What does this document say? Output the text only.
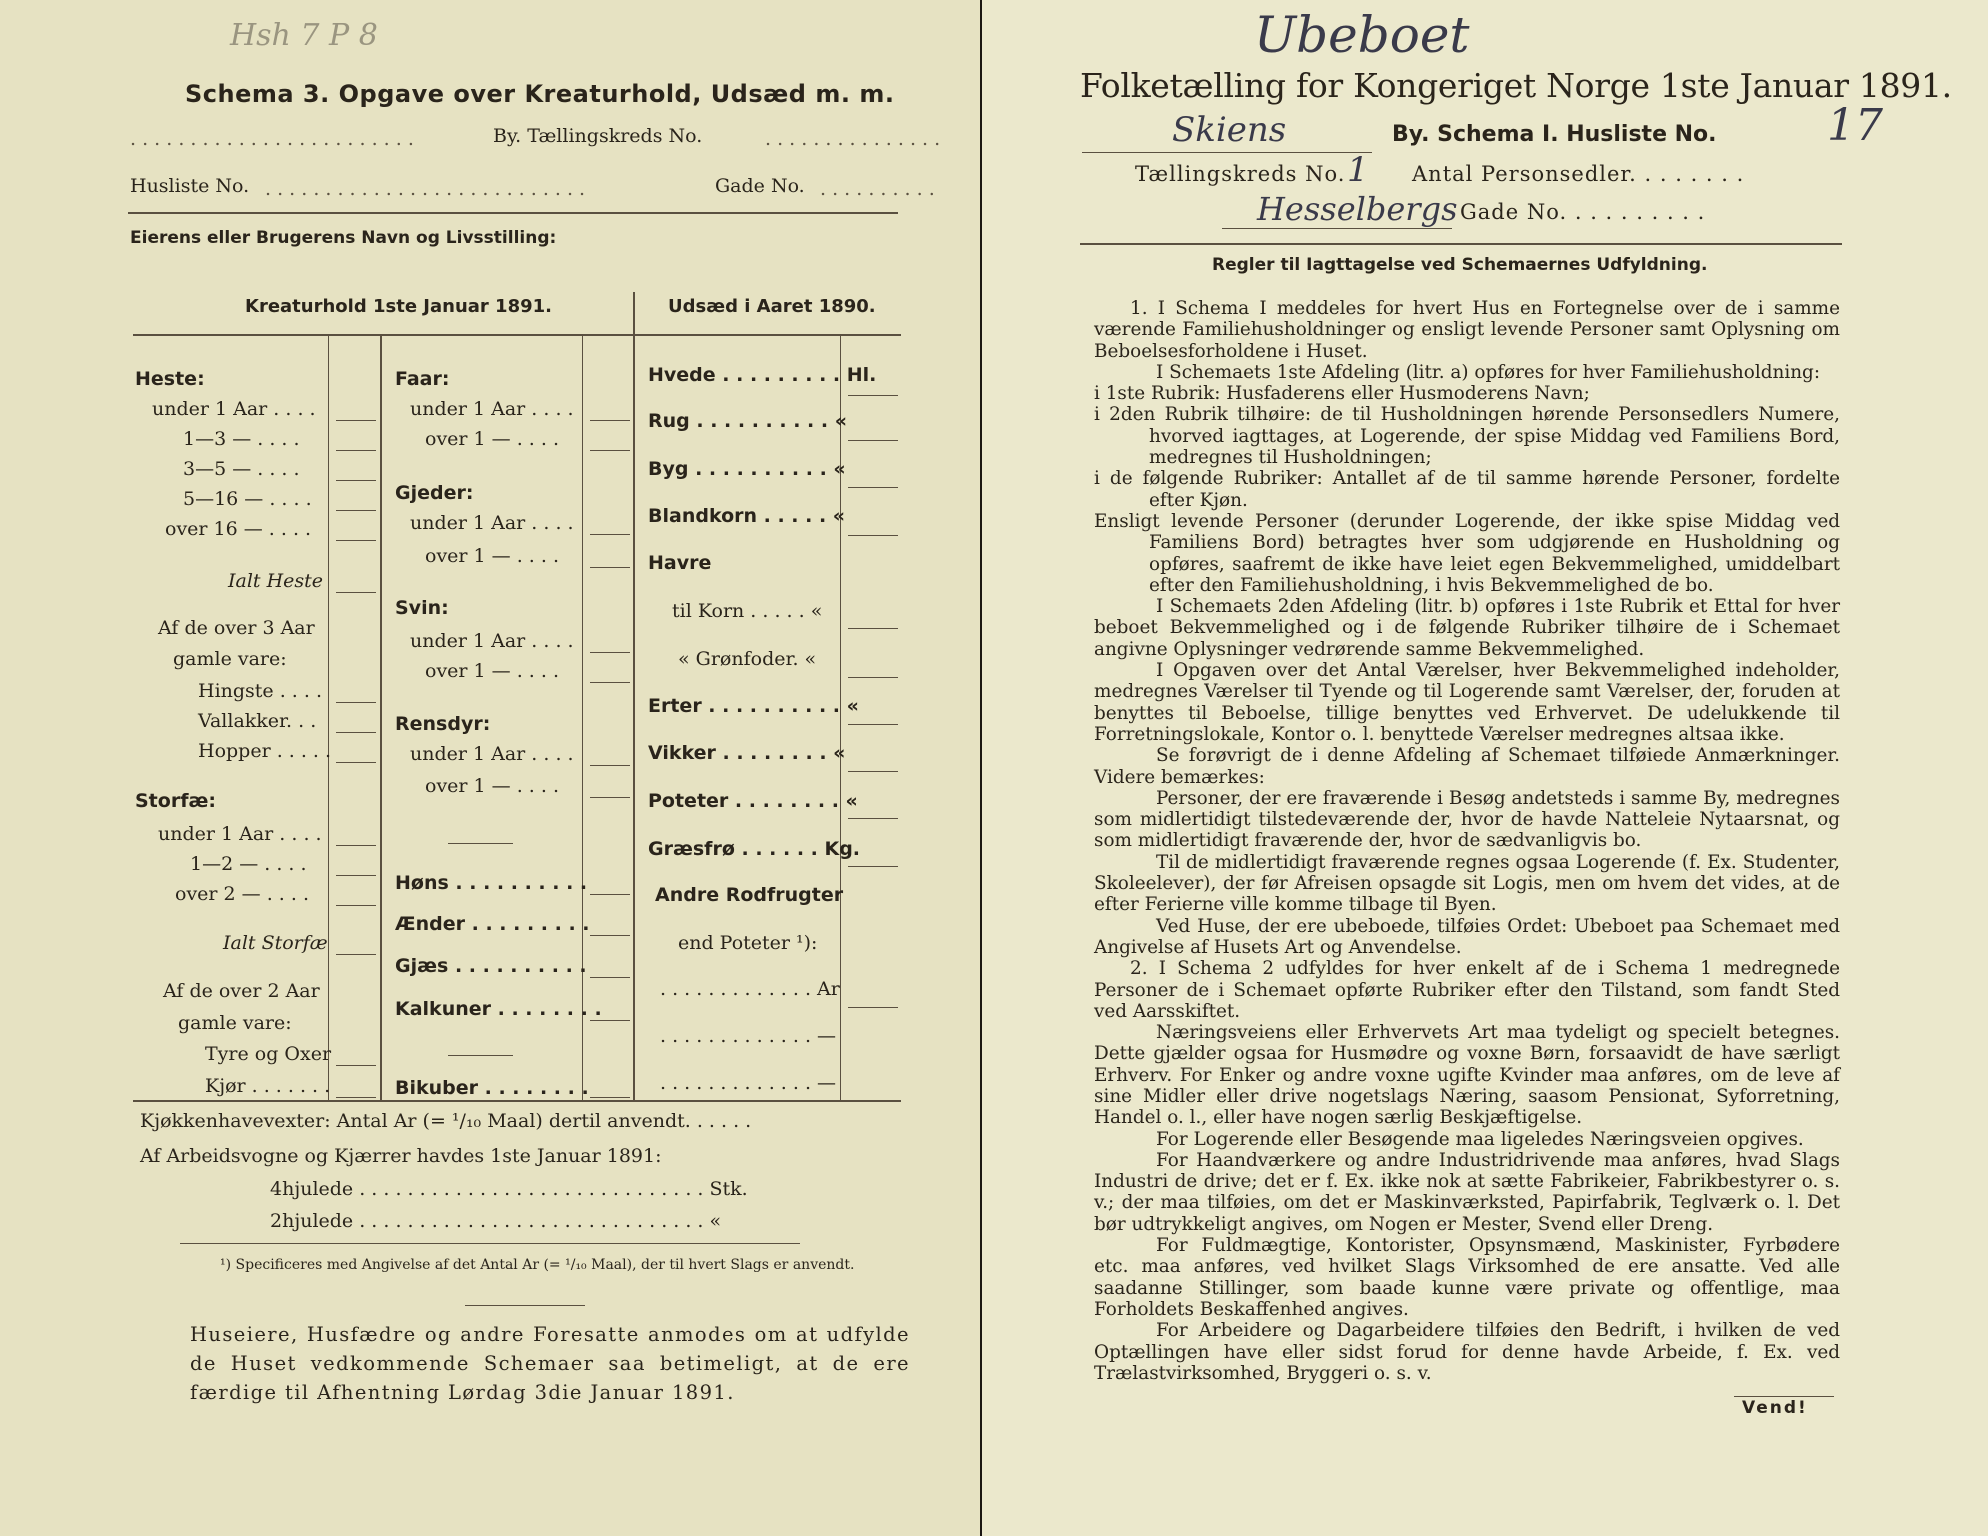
Hsh 7 P 8
Schema 3. Opgave over Kreaturhold, Udsæd m. m.
. . . . . . . . . . . . . . . . . . . . . . . .	By. Tællingskreds No.	. . . . . . . . . . . . . . .
Husliste No. . . . . . . . . . . . . . . . . . . . . . . . . . . .	Gade No. . . . . . . . . . .
Eierens eller Brugerens Navn og Livsstilling:
Kreaturhold 1ste Januar 1891.	Udsæd i Aaret 1890.
Heste:
under 1 Aar . . . .
1—3 — . . . .
3—5 — . . . .
5—16 — . . . .
over 16 — . . . .
Ialt Heste
Af de over 3 Aar
gamle vare:
Hingste . . . .
Vallakker. . .
Hopper . . . . .
Storfæ:
under 1 Aar . . . .
1—2 — . . . .
over 2 — . . . .
Ialt Storfæ
Af de over 2 Aar
gamle vare:
Tyre og Oxer
Kjør . . . . . . .
Faar:
under 1 Aar . . . .
over 1 — . . . .
Gjeder:
under 1 Aar . . . .
over 1 — . . . .
Svin:
under 1 Aar . . . .
over 1 — . . . .
Rensdyr:
under 1 Aar . . . .
over 1 — . . . .
Høns . . . . . . . . . .
Ænder . . . . . . . . .
Gjæs . . . . . . . . . .
Kalkuner . . . . . . . .
Bikuber . . . . . . . .
Hvede . . . . . . . . . Hl.
Rug . . . . . . . . . . «
Byg . . . . . . . . . . «
Blandkorn . . . . . «
Havre
til Korn . . . . . «
« Grønfoder. «
Erter . . . . . . . . . . «
Vikker . . . . . . . . «
Poteter . . . . . . . . «
Græsfrø . . . . . . Kg.
Andre Rodfrugter
end Poteter ¹):
. . . . . . . . . . . . . Ar
. . . . . . . . . . . . . —
. . . . . . . . . . . . . —
Kjøkkenhavevexter: Antal Ar (= ¹/₁₀ Maal) dertil anvendt. . . . . .
Af Arbeidsvogne og Kjærrer havdes 1ste Januar 1891:
4hjulede . . . . . . . . . . . . . . . . . . . . . . . . . . . . . Stk.
2hjulede . . . . . . . . . . . . . . . . . . . . . . . . . . . . . «
¹) Specificeres med Angivelse af det Antal Ar (= ¹/₁₀ Maal), der til hvert Slags er anvendt.
Huseiere, Husfædre og andre Foresatte anmodes om at udfylde de Huset vedkommende Schemaer saa betimeligt, at de ere færdige til Afhentning Lørdag 3die Januar 1891.
Ubeboet
Folketælling for Kongeriget Norge 1ste Januar 1891.
Skiens	By. Schema I. Husliste No.	17
Tællingskreds No. 1 Antal Personsedler. . . . . . . .
Hesselbergs Gade No. . . . . . . . . .
Regler til Iagttagelse ved Schemaernes Udfyldning.

1. I Schema I meddeles for hvert Hus en Fortegnelse over de i samme værende Familiehusholdninger og ensligt levende Personer samt Oplysning om Beboelsesforholdene i Huset.

I Schemaets 1ste Afdeling (litr. a) opføres for hver Familiehusholdning:

i 1ste Rubrik: Husfaderens eller Husmoderens Navn;

i 2den Rubrik tilhøire: de til Husholdningen hørende Personsedlers Numere, hvorved iagttages, at Logerende, der spise Middag ved Familiens Bord, medregnes til Husholdningen;

i de følgende Rubriker: Antallet af de til samme hørende Personer, fordelte efter Kjøn.

Ensligt levende Personer (derunder Logerende, der ikke spise Middag ved Familiens Bord) betragtes hver som udgjørende en Husholdning og opføres, saafremt de ikke have leiet egen Bekvemmelighed, umiddelbart efter den Familiehusholdning, i hvis Bekvemmelighed de bo.

I Schemaets 2den Afdeling (litr. b) opføres i 1ste Rubrik et Ettal for hver beboet Bekvemmelighed og i de følgende Rubriker tilhøire de i Schemaet angivne Oplysninger vedrørende samme Bekvemmelighed.

I Opgaven over det Antal Værelser, hver Bekvemmelighed indeholder, medregnes Værelser til Tyende og til Logerende samt Værelser, der, foruden at benyttes til Beboelse, tillige benyttes ved Erhvervet. De udelukkende til Forretningslokale, Kontor o. l. benyttede Værelser medregnes altsaa ikke.

Se forøvrigt de i denne Afdeling af Schemaet tilføiede Anmærkninger. Videre bemærkes:

Personer, der ere fraværende i Besøg andetsteds i samme By, medregnes som midlertidigt tilstedeværende der, hvor de havde Natteleie Nytaarsnat, og som midlertidigt fraværende der, hvor de sædvanligvis bo.

Til de midlertidigt fraværende regnes ogsaa Logerende (f. Ex. Studenter, Skoleelever), der før Afreisen opsagde sit Logis, men om hvem det vides, at de efter Ferierne ville komme tilbage til Byen.

Ved Huse, der ere ubeboede, tilføies Ordet: Ubeboet paa Schemaet med Angivelse af Husets Art og Anvendelse.

2. I Schema 2 udfyldes for hver enkelt af de i Schema 1 medregnede Personer de i Schemaet opførte Rubriker efter den Tilstand, som fandt Sted ved Aarsskiftet.

Næringsveiens eller Erhvervets Art maa tydeligt og specielt betegnes. Dette gjælder ogsaa for Husmødre og voxne Børn, forsaavidt de have særligt Erhverv. For Enker og andre voxne ugifte Kvinder maa anføres, om de leve af sine Midler eller drive nogetslags Næring, saasom Pensionat, Syforretning, Handel o. l., eller have nogen særlig Beskjæftigelse.

For Logerende eller Besøgende maa ligeledes Næringsveien opgives.

For Haandværkere og andre Industridrivende maa anføres, hvad Slags Industri de drive; det er f. Ex. ikke nok at sætte Fabrikeier, Fabrikbestyrer o. s. v.; der maa tilføies, om det er Maskinværksted, Papirfabrik, Teglværk o. l. Det bør udtrykkeligt angives, om Nogen er Mester, Svend eller Dreng.

For Fuldmægtige, Kontorister, Opsynsmænd, Maskinister, Fyrbødere etc. maa anføres, ved hvilket Slags Virksomhed de ere ansatte. Ved alle saadanne Stillinger, som baade kunne være private og offentlige, maa Forholdets Beskaffenhed angives.

For Arbeidere og Dagarbeidere tilføies den Bedrift, i hvilken de ved Optællingen have eller sidst forud for denne havde Arbeide, f. Ex. ved Trælastvirksomhed, Bryggeri o. s. v.

Vend!
